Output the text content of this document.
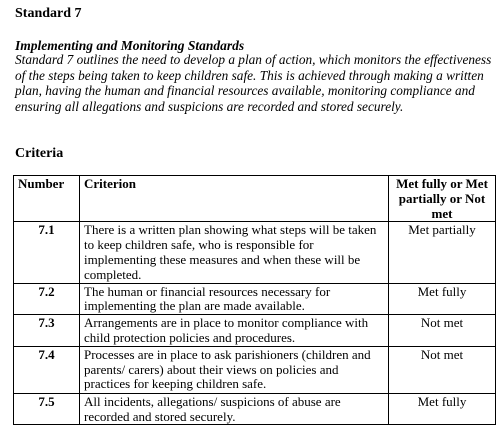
Standard 7
Implementing and Monitoring Standards

Standard 7 outlines the need to develop a plan of action, which monitors the effectiveness of the steps being taken to keep children safe. This is achieved through making a written plan, having the human and financial resources available, monitoring compliance and ensuring all allegations and suspicions are recorded and stored securely.

Criteria
Number	Criterion	Met fully or Met partially or Not met
7.1	There is a written plan showing what steps will be taken to keep children safe, who is responsible for implementing these measures and when these will be completed.	Met partially
7.2	The human or financial resources necessary for implementing the plan are made available.	Met fully
7.3	Arrangements are in place to monitor compliance with child protection policies and procedures.	Not met
7.4	Processes are in place to ask parishioners (children and parents/ carers) about their views on policies and practices for keeping children safe.	Not met
7.5	All incidents, allegations/ suspicions of abuse are recorded and stored securely.	Met fully
